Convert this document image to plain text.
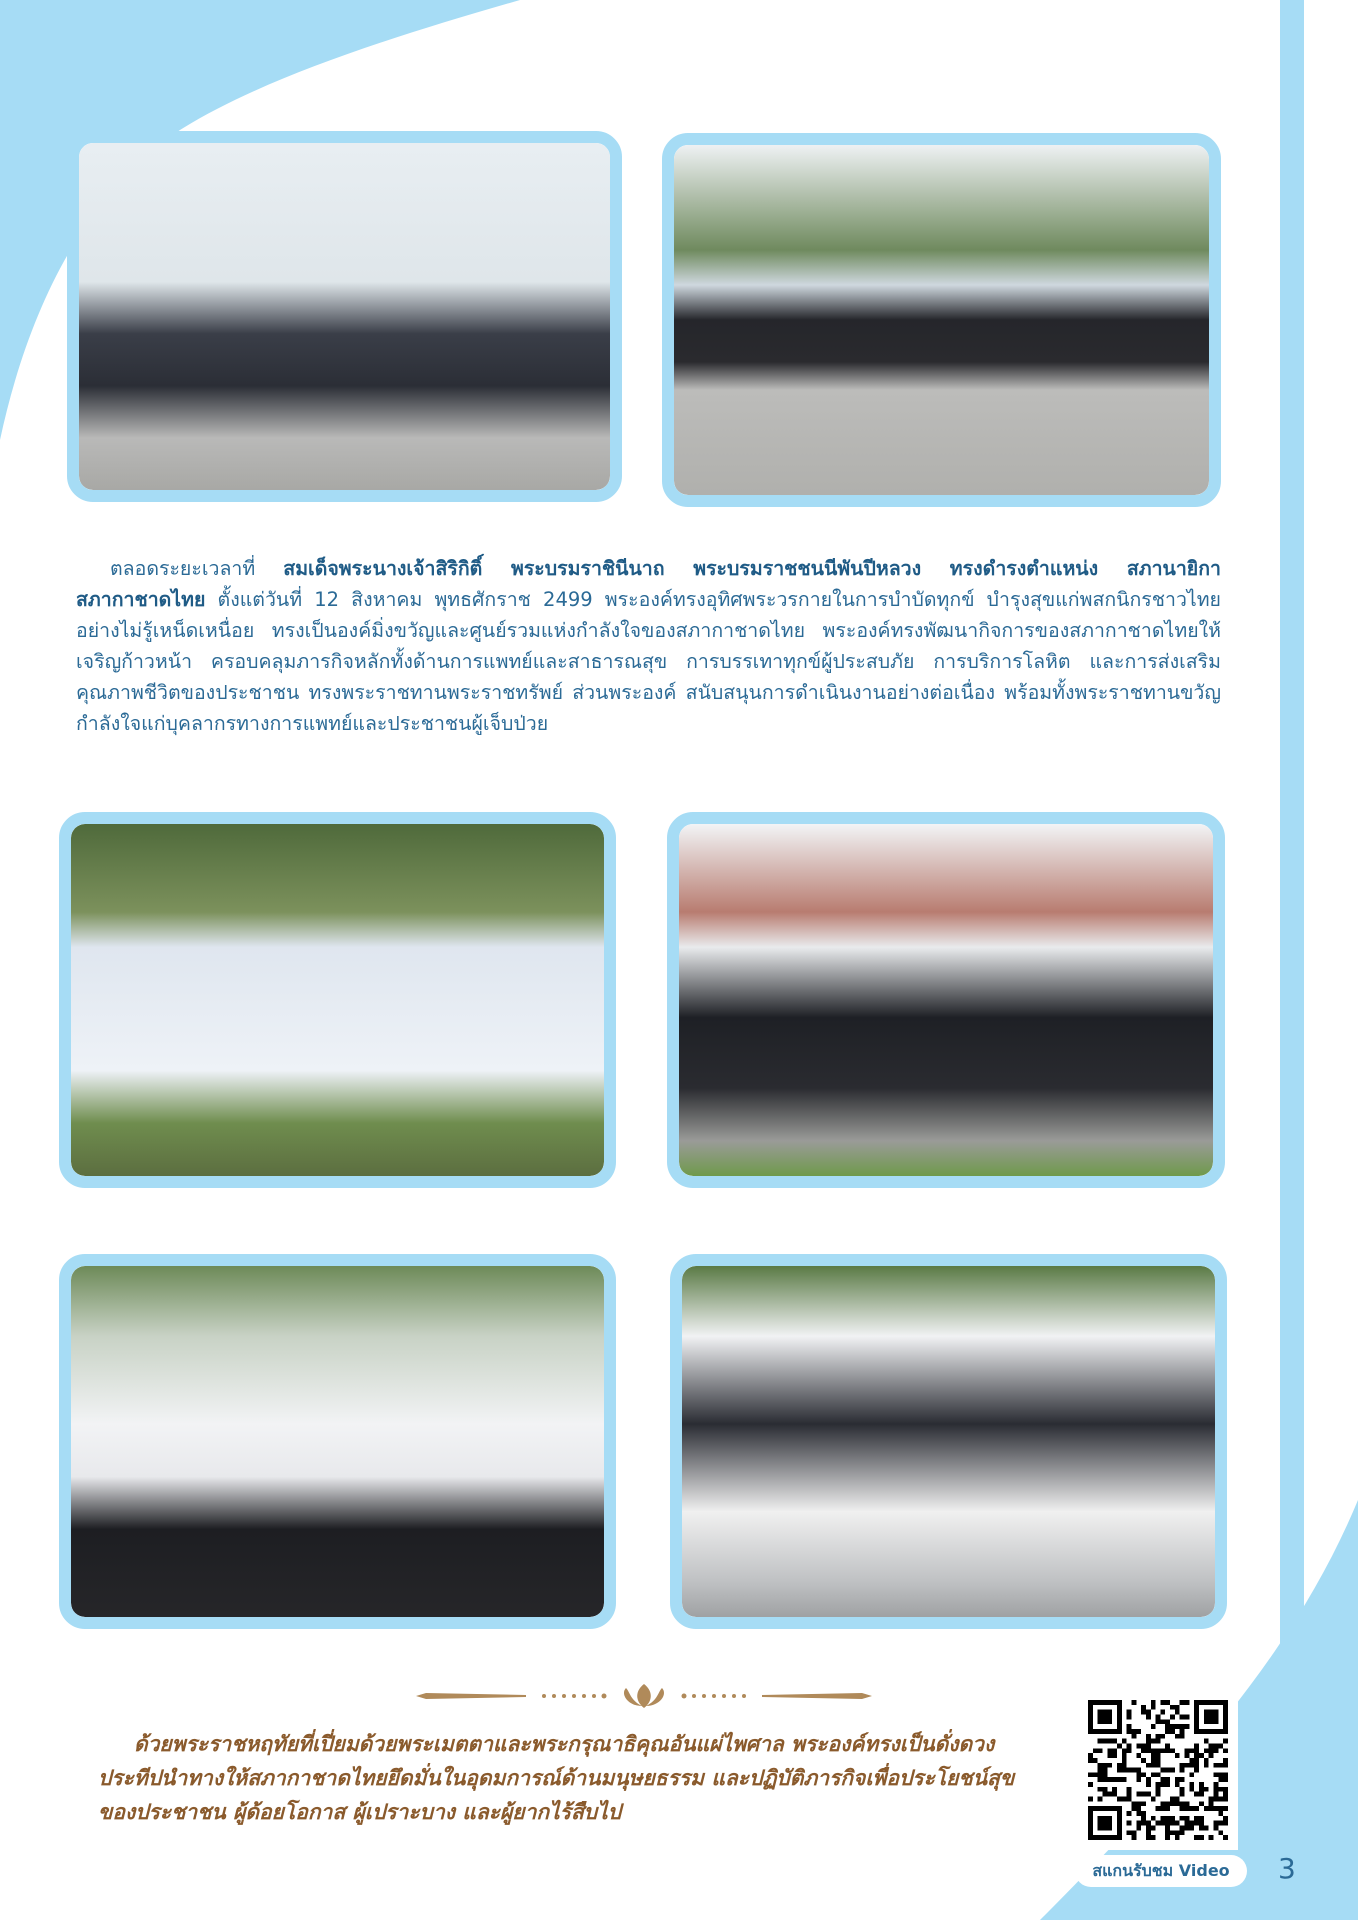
ตลอดระยะเวลาที่ สมเด็จพระนางเจ้าสิริกิติ์ พระบรมราชินีนาถ พระบรมราชชนนีพันปีหลวง ทรงดำรงตำแหน่ง สภานายิกาสภากาชาดไทย ตั้งแต่วันที่ 12 สิงหาคม พุทธศักราช 2499 พระองค์ทรงอุทิศพระวรกายในการบำบัดทุกข์ บำรุงสุขแก่พสกนิกรชาวไทยอย่างไม่รู้เหน็ดเหนื่อย ทรงเป็นองค์มิ่งขวัญและศูนย์รวมแห่งกำลังใจของสภากาชาดไทย พระองค์ทรงพัฒนากิจการของสภากาชาดไทยให้เจริญก้าวหน้า ครอบคลุมภารกิจหลักทั้งด้านการแพทย์และสาธารณสุข การบรรเทาทุกข์ผู้ประสบภัย การบริการโลหิต และการส่งเสริมคุณภาพชีวิตของประชาชน ทรงพระราชทานพระราชทรัพย์ ส่วนพระองค์ สนับสนุนการดำเนินงานอย่างต่อเนื่อง พร้อมทั้งพระราชทานขวัญกำลังใจแก่บุคลากรทางการแพทย์และประชาชนผู้เจ็บป่วย

ด้วยพระราชหฤทัยที่เปี่ยมด้วยพระเมตตาและพระกรุณาธิคุณอันแผ่ไพศาล พระองค์ทรงเป็นดั่งดวงประทีปนำทางให้สภากาชาดไทยยึดมั่นในอุดมการณ์ด้านมนุษยธรรม และปฏิบัติภารกิจเพื่อประโยชน์สุขของประชาชน ผู้ด้อยโอกาส ผู้เปราะบาง และผู้ยากไร้สืบไป

สแกนรับชม Video	3
